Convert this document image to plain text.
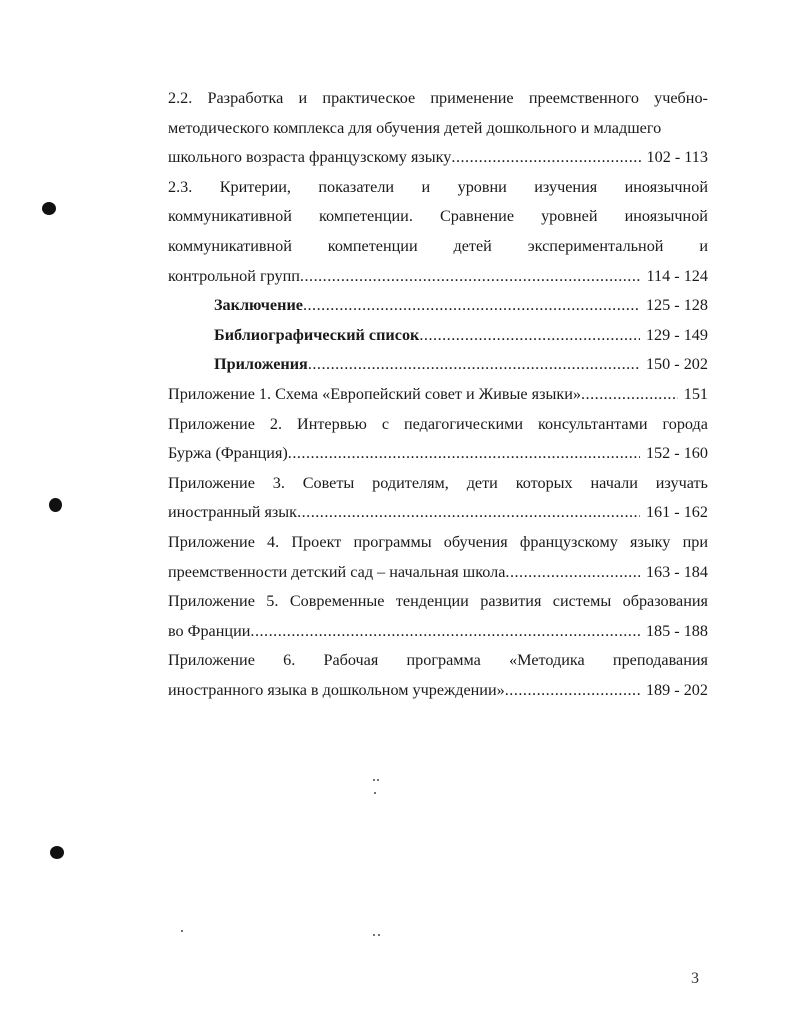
2.2. Разработка и практическое применение преемственного учебно-
методического комплекса для обучения детей дошкольного и младшего
школьного возраста французскому языку .....	102 - 113
2.3. Критерии, показатели и уровни изучения иноязычной
коммуникативной компетенции. Сравнение уровней иноязычной
коммуникативной компетенции детей экспериментальной и
контрольной групп .....	114 - 124
Заключение .....	125 - 128
Библиографический список .....	129 - 149
Приложения .....	150 - 202
Приложение 1. Схема «Европейский совет и Живые языки» .....	151
Приложение 2. Интервью с педагогическими консультантами города
Буржа (Франция) .....	152 - 160
Приложение 3. Советы родителям, дети которых начали изучать
иностранный язык .....	161 - 162
Приложение 4. Проект программы обучения французскому языку при
преемственности детский сад – начальная школа .....	163 - 184
Приложение 5. Современные тенденции развития системы образования
во Франции .....	185 - 188
Приложение 6. Рабочая программа «Методика преподавания
иностранного языка в дошкольном учреждении» .....	189 - 202
3
